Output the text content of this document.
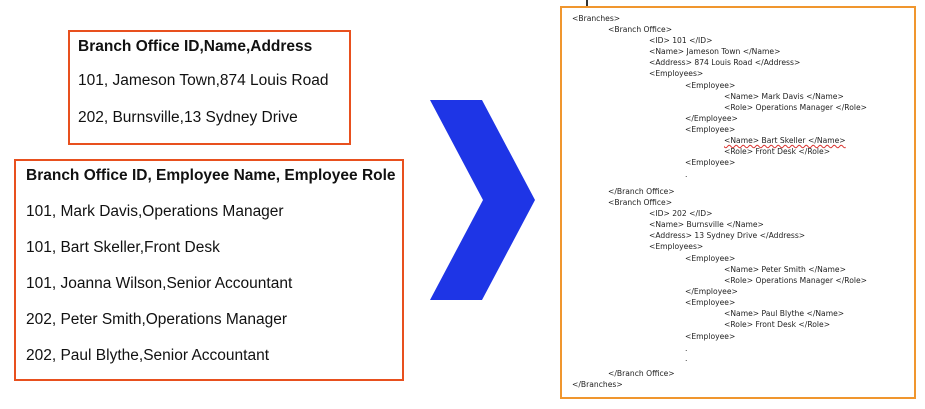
Branch Office ID,Name,Address
101, Jameson Town,874 Louis Road
202, Burnsville,13 Sydney Drive
Branch Office ID, Employee Name, Employee Role
101, Mark Davis,Operations Manager
101, Bart Skeller,Front Desk
101, Joanna Wilson,Senior Accountant
202, Peter Smith,Operations Manager
202, Paul Blythe,Senior Accountant
<Branches>
<Branch Office>
<ID> 101 </ID>
<Name> Jameson Town </Name>
<Address> 874 Louis Road </Address>
<Employees>
<Employee>
<Name> Mark Davis </Name>
<Role> Operations Manager </Role>
</Employee>
<Employee>
<Name> Bart Skeller </Name>
<Role> Front Desk </Role>
<Employee>
.
</Branch Office>
<Branch Office>
<ID> 202 </ID>
<Name> Burnsville </Name>
<Address> 13 Sydney Drive </Address>
<Employees>
<Employee>
<Name> Peter Smith </Name>
<Role> Operations Manager </Role>
</Employee>
<Employee>
<Name> Paul Blythe </Name>
<Role> Front Desk </Role>
<Employee>
.
.
</Branch Office>
</Branches>
